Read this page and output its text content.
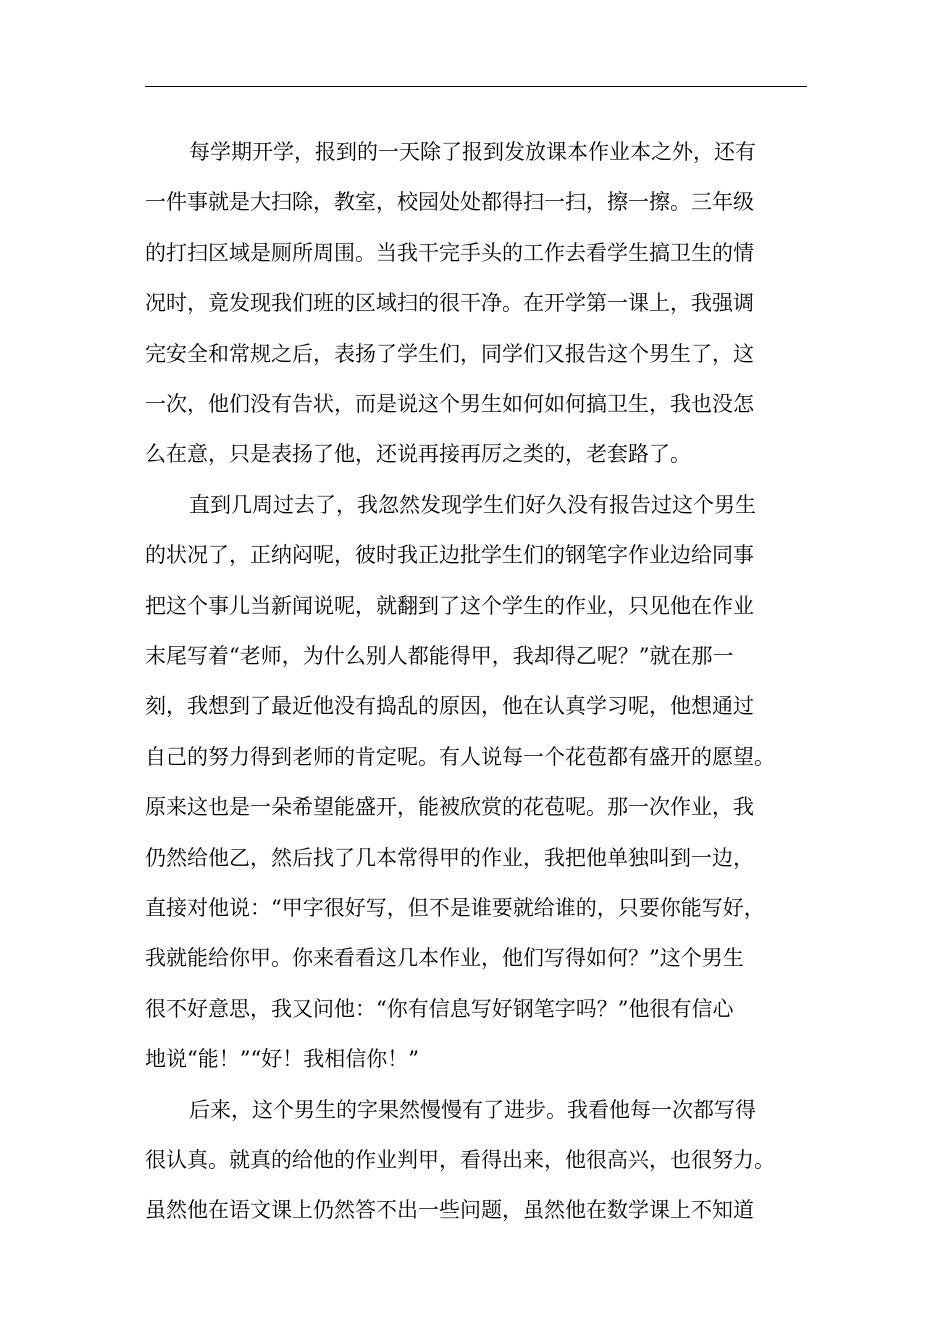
每学期开学，报到的一天除了报到发放课本作业本之外，还有
一件事就是大扫除，教室，校园处处都得扫一扫，擦一擦。三年级
的打扫区域是厕所周围。当我干完手头的工作去看学生搞卫生的情
况时，竟发现我们班的区域扫的很干净。在开学第一课上，我强调
完安全和常规之后，表扬了学生们，同学们又报告这个男生了，这
一次，他们没有告状，而是说这个男生如何如何搞卫生，我也没怎
么在意，只是表扬了他，还说再接再厉之类的，老套路了。
直到几周过去了，我忽然发现学生们好久没有报告过这个男生
的状况了，正纳闷呢，彼时我正边批学生们的钢笔字作业边给同事
把这个事儿当新闻说呢，就翻到了这个学生的作业，只见他在作业
末尾写着“老师，为什么别人都能得甲，我却得乙呢？”就在那一
刻，我想到了最近他没有捣乱的原因，他在认真学习呢，他想通过
自己的努力得到老师的肯定呢。有人说每一个花苞都有盛开的愿望。
原来这也是一朵希望能盛开，能被欣赏的花苞呢。那一次作业，我
仍然给他乙，然后找了几本常得甲的作业，我把他单独叫到一边，
直接对他说：“甲字很好写，但不是谁要就给谁的，只要你能写好，
我就能给你甲。你来看看这几本作业，他们写得如何？”这个男生
很不好意思，我又问他：“你有信息写好钢笔字吗？”他很有信心
地说“能！”“好！我相信你！”
后来，这个男生的字果然慢慢有了进步。我看他每一次都写得
很认真。就真的给他的作业判甲，看得出来，他很高兴，也很努力。
虽然他在语文课上仍然答不出一些问题，虽然他在数学课上不知道
